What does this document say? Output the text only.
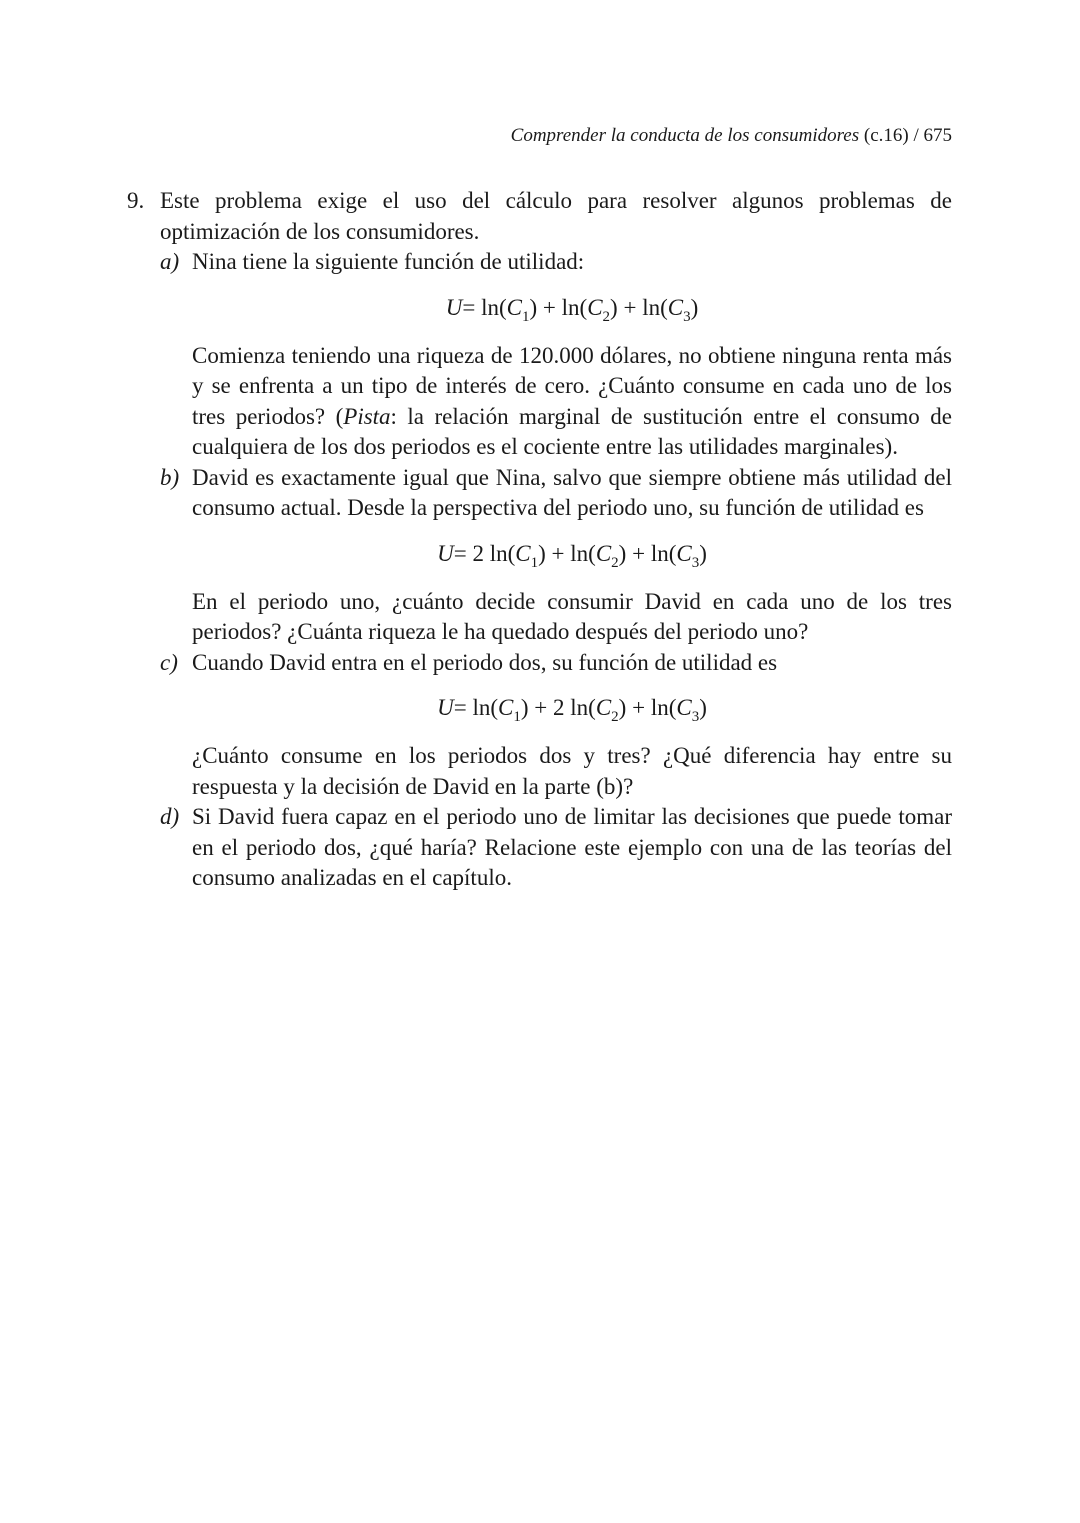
Comprender la conducta de los consumidores (c.16) / 675
9. Este problema exige el uso del cálculo para resolver algunos problemas de optimización de los consumidores.

a) Nina tiene la siguiente función de utilidad:

$U= \ln(C_1) + \ln(C_2) + \ln(C_3)$

Comienza teniendo una riqueza de 120.000 dólares, no obtiene ninguna renta más y se enfrenta a un tipo de interés de cero. ¿Cuánto consume en cada uno de los tres periodos? (Pista: la relación marginal de sustitución entre el consumo de cualquiera de los dos periodos es el cociente entre las utilidades marginales).

b) David es exactamente igual que Nina, salvo que siempre obtiene más utilidad del consumo actual. Desde la perspectiva del periodo uno, su función de utilidad es

U= 2 $\ln(C_1) + \ln(C_2) + \ln(C_3)$

En el periodo uno, ¿cuánto decide consumir David en cada uno de los tres periodos? ¿Cuánta riqueza le ha quedado después del periodo uno?

c) Cuando David entra en el periodo dos, su función de utilidad es

$U= \ln(C_1) + 2$ $\ln(C_2) + \ln(C_3)$

¿Cuánto consume en los periodos dos y tres? ¿Qué diferencia hay entre su respuesta y la decisión de David en la parte (b)?

d) Si David fuera capaz en el periodo uno de limitar las decisiones que puede tomar en el periodo dos, ¿qué haría? Relacione este ejemplo con una de las teorías del consumo analizadas en el capítulo.
